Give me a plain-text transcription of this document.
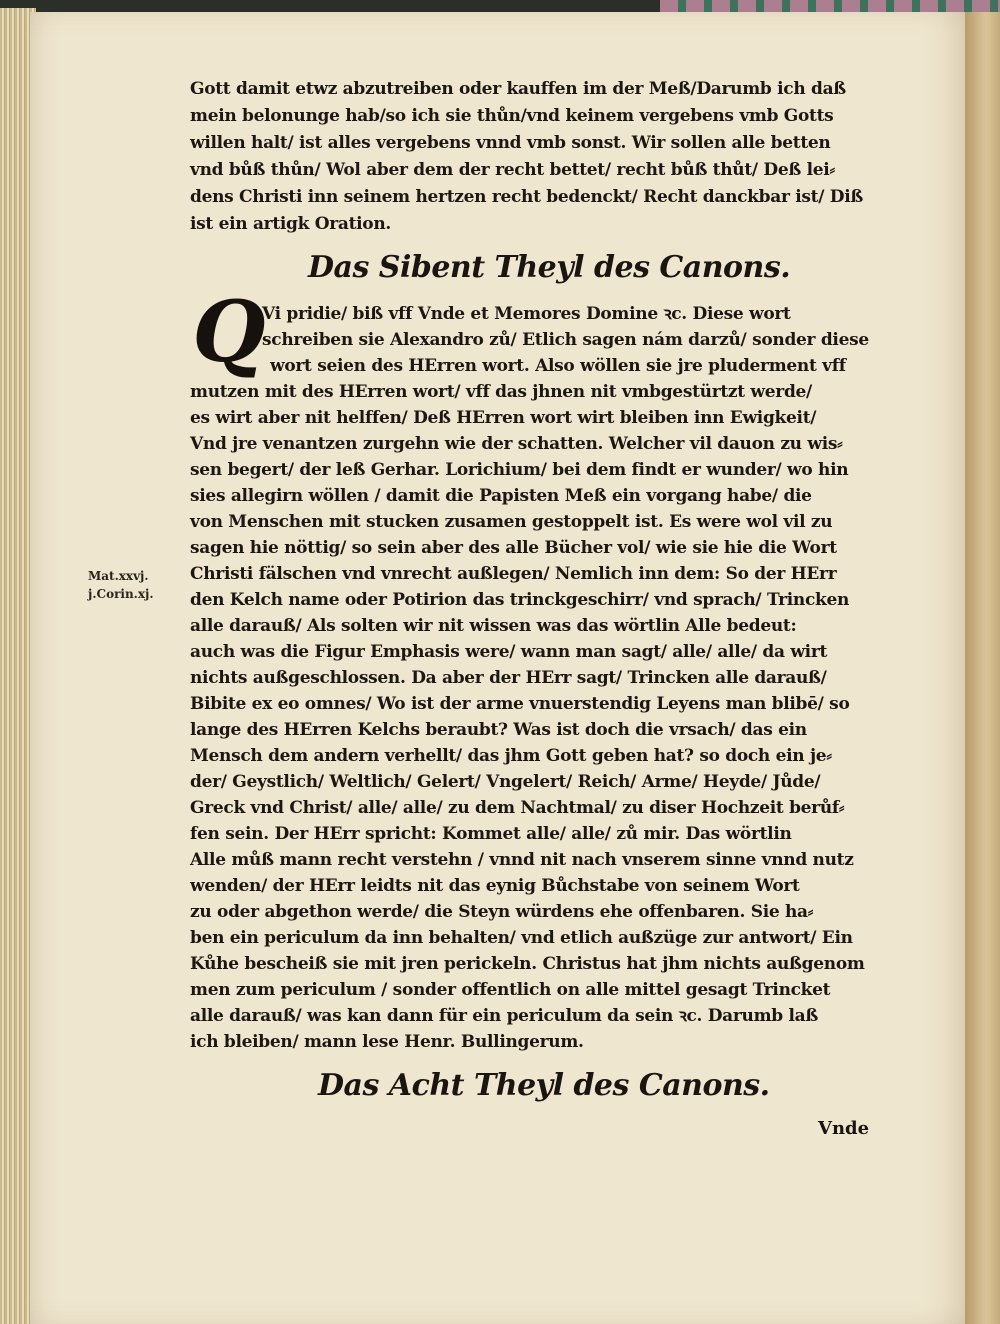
Gott damit etwz abzutreiben oder kauffen im der Meß/Darumb ich daß
mein belonunge hab/so ich sie thůn/vnd keinem vergebens vmb Gotts
willen halt/ ist alles vergebens vnnd vmb sonst. Wir sollen alle betten
vnd bůß thůn/ Wol aber dem der recht bettet/ recht bůß thůt/ Deß lei⸗
dens Christi inn seinem hertzen recht bedenckt/ Recht danckbar ist/ Diß
ist ein artigk Oration.
Das Sibent Theyl des Canons.
Q
Vi pridie/ biß vff Vnde et Memores Domine ꝛc. Diese wort
schreiben sie Alexandro zů/ Etlich sagen nám darzů/ sonder diese
wort seien des HErren wort. Also wöllen sie jre pluderment vff
mutzen mit des HErren wort/ vff das jhnen nit vmbgestürtzt werde/
es wirt aber nit helffen/ Deß HErren wort wirt bleiben inn Ewigkeit/
Vnd jre venantzen zurgehn wie der schatten. Welcher vil dauon zu wis⸗
sen begert/ der leß Gerhar. Lorichium/ bei dem findt er wunder/ wo hin
sies allegirn wöllen / damit die Papisten Meß ein vorgang habe/ die
von Menschen mit stucken zusamen gestoppelt ist. Es were wol vil zu
sagen hie nöttig/ so sein aber des alle Bücher vol/ wie sie hie die Wort
Christi fälschen vnd vnrecht außlegen/ Nemlich inn dem: So der HErr
den Kelch name oder Potirion das trinckgeschirr/ vnd sprach/ Trincken
alle darauß/ Als solten wir nit wissen was das wörtlin Alle bedeut:
auch was die Figur Emphasis were/ wann man sagt/ alle/ alle/ da wirt
nichts außgeschlossen. Da aber der HErr sagt/ Trincken alle darauß/
Bibite ex eo omnes/ Wo ist der arme vnuerstendig Leyens man blibē/ so
lange des HErren Kelchs beraubt? Was ist doch die vrsach/ das ein
Mensch dem andern verhellt/ das jhm Gott geben hat? so doch ein je⸗
der/ Geystlich/ Weltlich/ Gelert/ Vngelert/ Reich/ Arme/ Heyde/ Jůde/
Greck vnd Christ/ alle/ alle/ zu dem Nachtmal/ zu diser Hochzeit berůf⸗
fen sein. Der HErr spricht: Kommet alle/ alle/ zů mir. Das wörtlin
Alle můß mann recht verstehn / vnnd nit nach vnserem sinne vnnd nutz
wenden/ der HErr leidts nit das eynig Bůchstabe von seinem Wort
zu oder abgethon werde/ die Steyn würdens ehe offenbaren. Sie ha⸗
ben ein periculum da inn behalten/ vnd etlich außzüge zur antwort/ Ein
Kůhe bescheiß sie mit jren perickeln. Christus hat jhm nichts außgenom
men zum periculum / sonder offentlich on alle mittel gesagt Trincket
alle darauß/ was kan dann für ein periculum da sein ꝛc. Darumb laß
ich bleiben/ mann lese Henr. Bullingerum.
Mat.xxvj.
j.Corin.xj.
Das Acht Theyl des Canons.
Vnde
